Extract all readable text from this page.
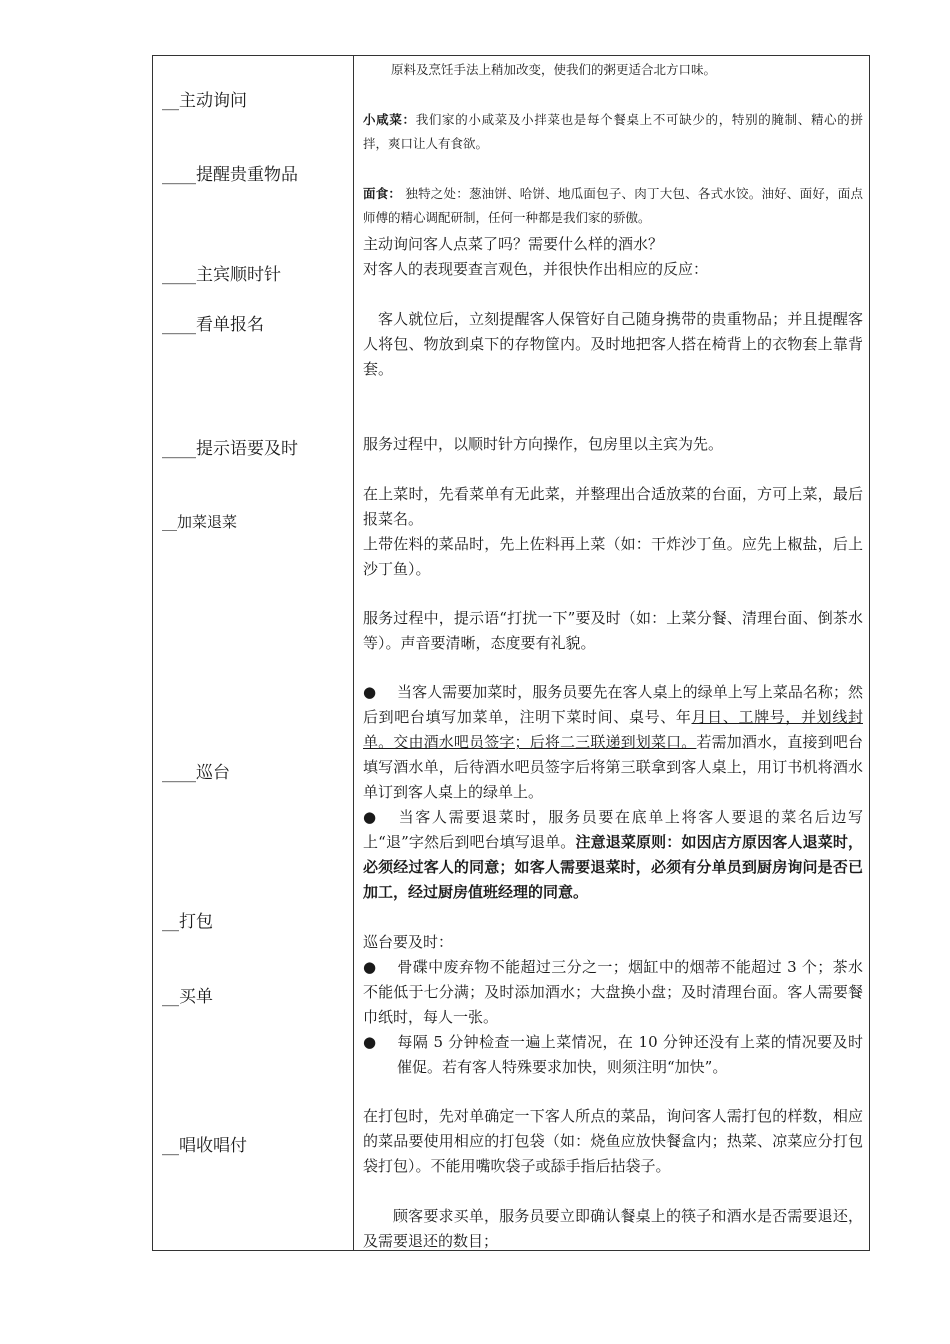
__主动询问
____提醒贵重物品
____主宾顺时针
____看单报名
____提示语要及时
__加菜退菜
____巡台
__打包
__买单
__唱收唱付

原料及烹饪手法上稍加改变，使我们的粥更适合北方口味。

小咸菜：我们家的小咸菜及小拌菜也是每个餐桌上不可缺少的，特别的腌制、精心的拼拌，爽口让人有食欲。

面食： 独特之处：葱油饼、哈饼、地瓜面包子、肉丁大包、各式水饺。油好、面好，面点师傅的精心调配研制，任何一种都是我们家的骄傲。

主动询问客人点菜了吗？需要什么样的酒水？

对客人的表现要查言观色，并很快作出相应的反应：

客人就位后，立刻提醒客人保管好自己随身携带的贵重物品；并且提醒客人将包、物放到桌下的存物筐内。及时地把客人搭在椅背上的衣物套上靠背套。

服务过程中，以顺时针方向操作，包房里以主宾为先。

在上菜时，先看菜单有无此菜，并整理出合适放菜的台面，方可上菜，最后报菜名。

上带佐料的菜品时，先上佐料再上菜（如：干炸沙丁鱼。应先上椒盐，后上沙丁鱼）。

服务过程中，提示语“打扰一下”要及时（如：上菜分餐、清理台面、倒茶水等）。声音要清晰，态度要有礼貌。

● 当客人需要加菜时，服务员要先在客人桌上的绿单上写上菜品名称；然后到吧台填写加菜单，注明下菜时间、桌号、年月日、工牌号，并划线封单。交由酒水吧员签字；后将二三联递到划菜口。若需加酒水，直接到吧台填写酒水单，后待酒水吧员签字后将第三联拿到客人桌上，用订书机将酒水单订到客人桌上的绿单上。

● 当客人需要退菜时，服务员要在底单上将客人要退的菜名后边写上“退”字然后到吧台填写退单。注意退菜原则：如因店方原因客人退菜时，必须经过客人的同意；如客人需要退菜时，必须有分单员到厨房询问是否已加工，经过厨房值班经理的同意。

巡台要及时：

● 骨碟中废弃物不能超过三分之一；烟缸中的烟蒂不能超过 3 个；茶水不能低于七分满；及时添加酒水；大盘换小盘；及时清理台面。客人需要餐巾纸时，每人一张。

● 每隔 5 分钟检查一遍上菜情况，在 10 分钟还没有上菜的情况要及时催促。若有客人特殊要求加快，则须注明“加快”。

在打包时，先对单确定一下客人所点的菜品，询问客人需打包的样数，相应的菜品要使用相应的打包袋（如：烧鱼应放快餐盒内；热菜、凉菜应分打包袋打包）。不能用嘴吹袋子或舔手指后拈袋子。

顾客要求买单，服务员要立即确认餐桌上的筷子和酒水是否需要退还，及需要退还的数目；
